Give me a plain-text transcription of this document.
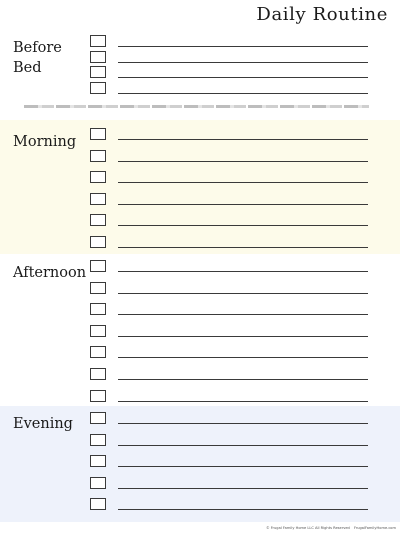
Daily Routine
Before
Bed
Morning
Afternoon
Evening
© Frugal Family Home LLC All Rights Reserved FrugalFamilyHome.com
